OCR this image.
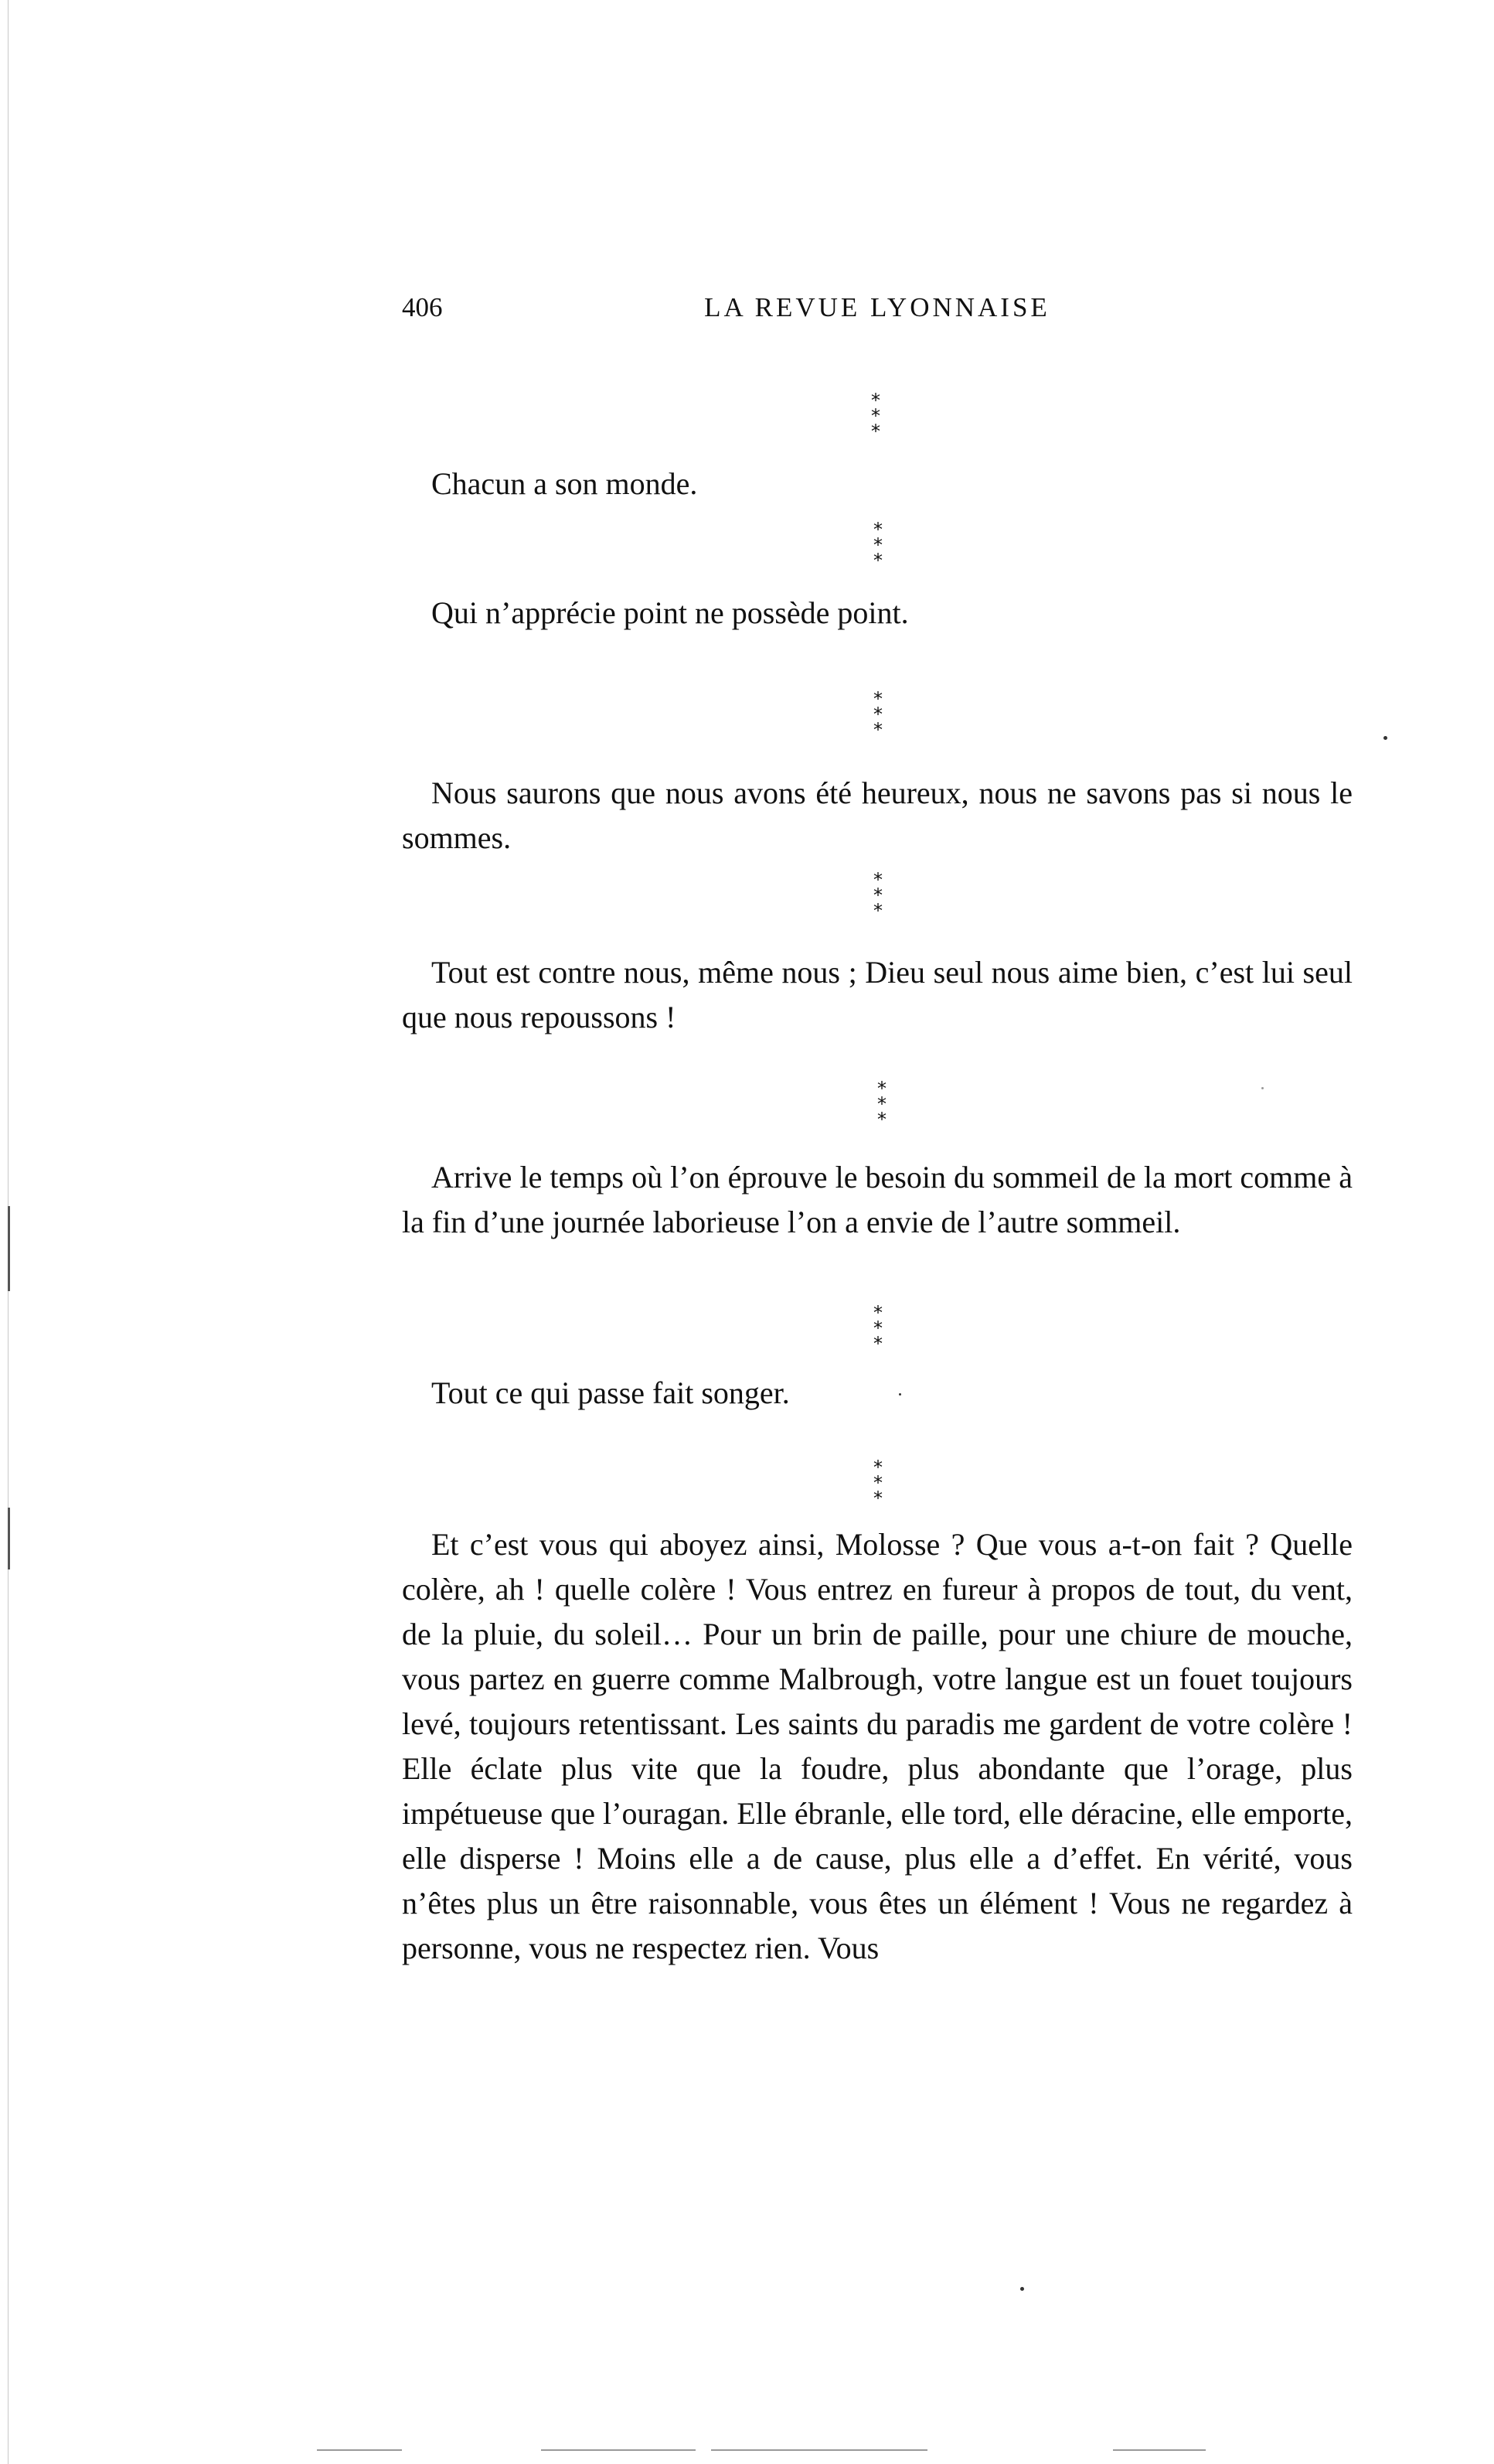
406	LA REVUE LYONNAISE
*
* *

Chacun a son monde.

*
* *

Qui n’apprécie point ne possède point.

*
* *

Nous saurons que nous avons été heureux, nous ne savons pas si nous le sommes.

*
* *

Tout est contre nous, même nous ; Dieu seul nous aime bien, c’est lui seul que nous repoussons !

*
* *

Arrive le temps où l’on éprouve le besoin du sommeil de la mort comme à la fin d’une journée laborieuse l’on a envie de l’autre sommeil.

*
* *

Tout ce qui passe fait songer.

*
* *

Et c’est vous qui aboyez ainsi, Molosse ? Que vous a-t-on fait ? Quelle colère, ah ! quelle colère ! Vous entrez en fureur à propos de tout, du vent, de la pluie, du soleil… Pour un brin de paille, pour une chiure de mouche, vous partez en guerre comme Malbrough, votre langue est un fouet toujours levé, toujours retentissant. Les saints du paradis me gardent de votre colère ! Elle éclate plus vite que la foudre, plus abondante que l’orage, plus impétueuse que l’ouragan. Elle ébranle, elle tord, elle déracine, elle emporte, elle disperse ! Moins elle a de cause, plus elle a d’effet. En vérité, vous n’êtes plus un être raisonnable, vous êtes un élément ! Vous ne regardez à personne, vous ne respectez rien. Vous
